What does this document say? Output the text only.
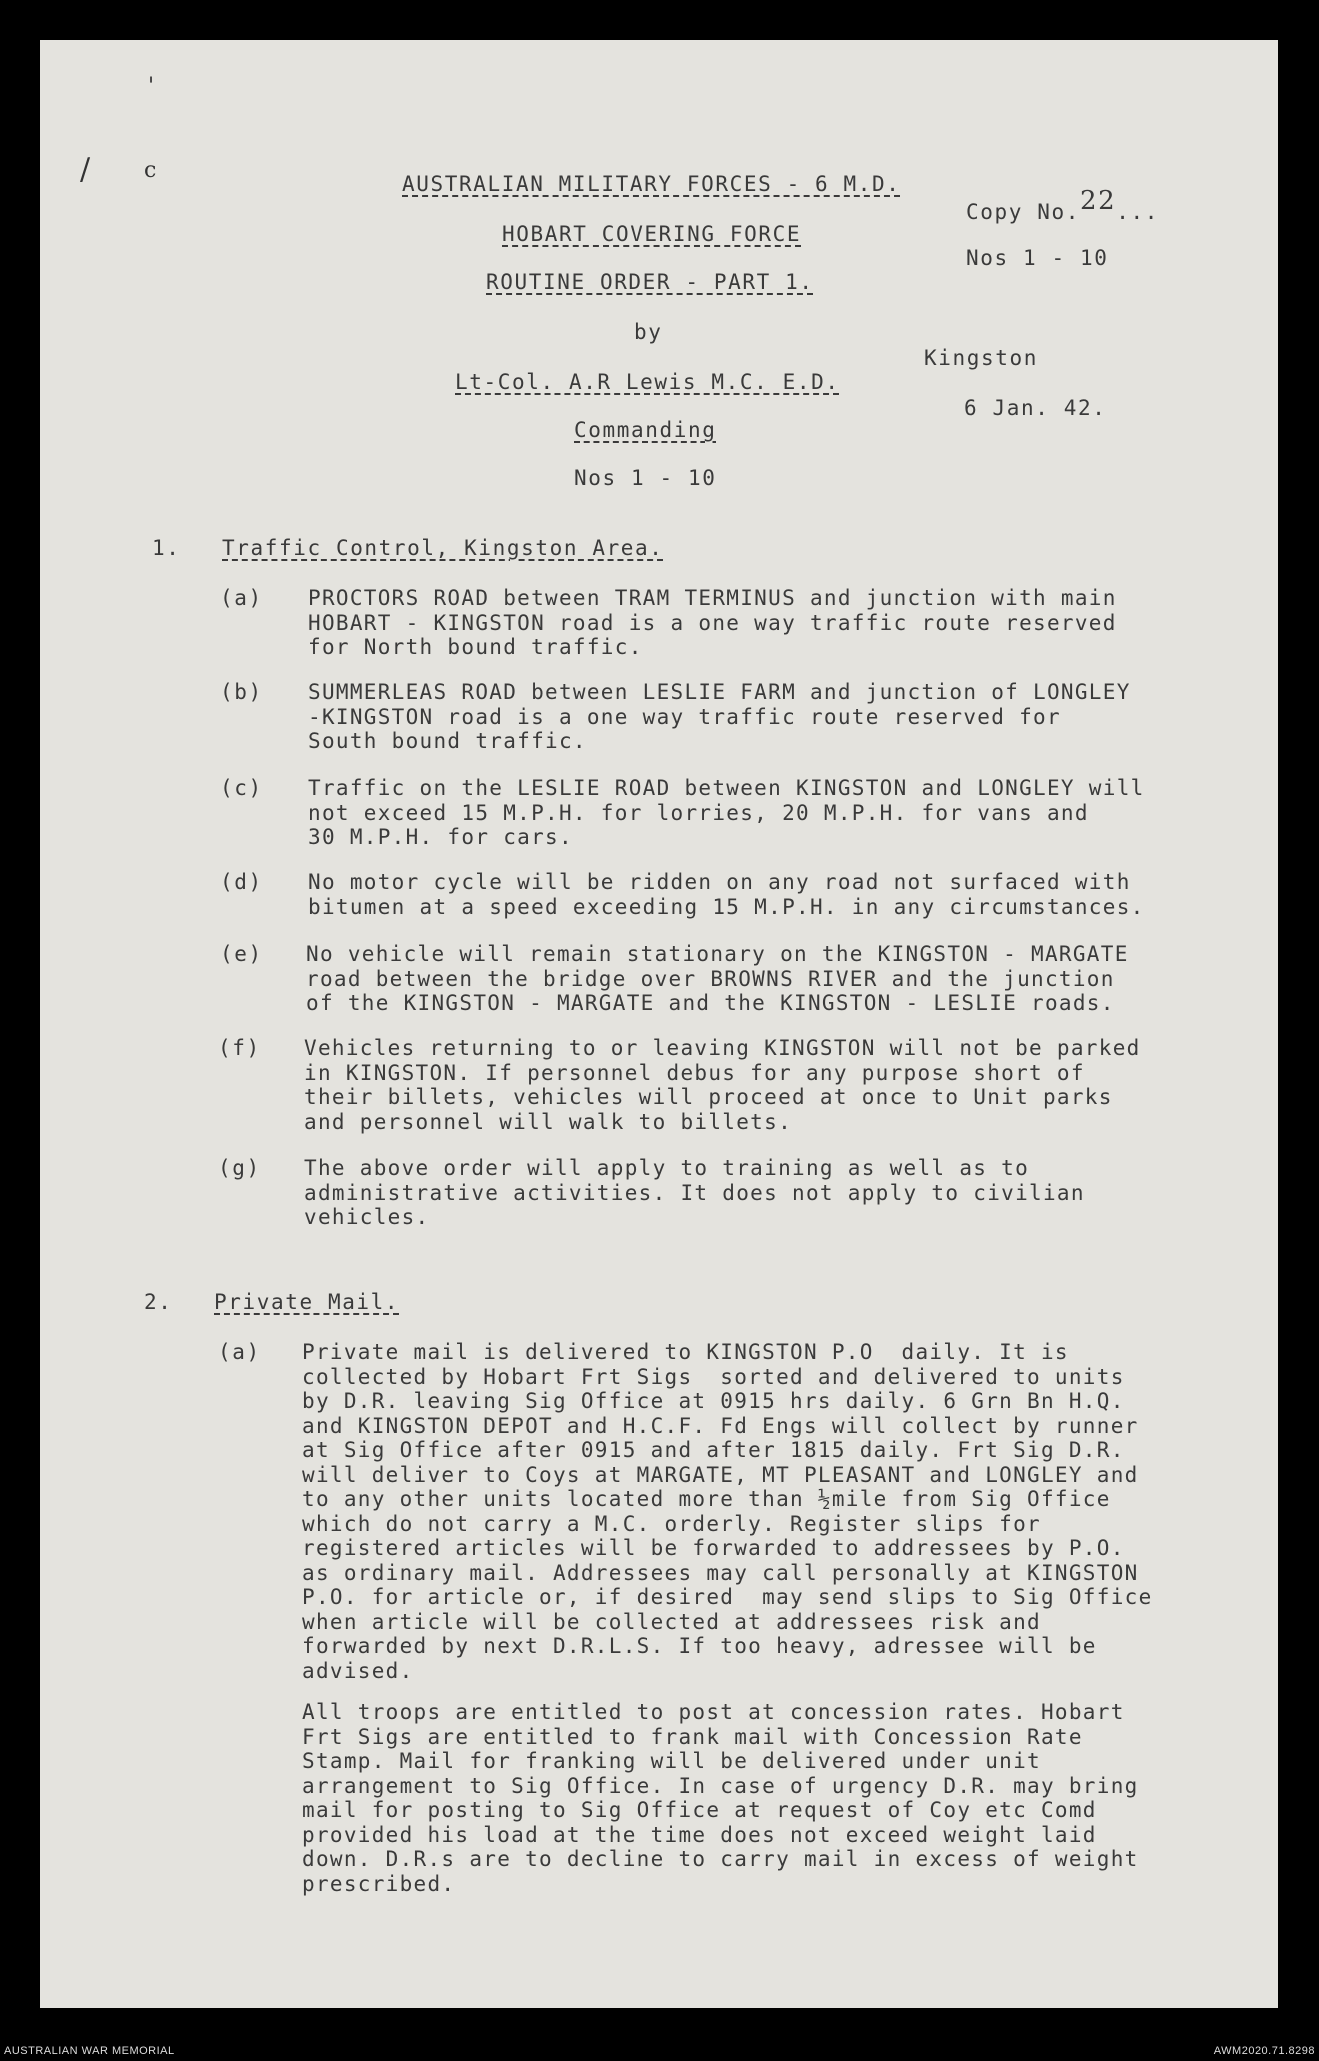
'
/ c
AUSTRALIAN MILITARY FORCES - 6 M.D.
HOBART COVERING FORCE
ROUTINE ORDER - PART 1.
by
Lt-Col. A.R Lewis M.C. E.D.
Commanding
Nos 1 - 10
Copy No.22...
Nos 1 - 10
Kingston
6 Jan. 42.
1. Traffic Control, Kingston Area.
(a) PROCTORS ROAD between TRAM TERMINUS and junction with main
HOBART - KINGSTON road is a one way traffic route reserved
for North bound traffic.
(b) SUMMERLEAS ROAD between LESLIE FARM and junction of LONGLEY
-KINGSTON road is a one way traffic route reserved for
South bound traffic.
(c) Traffic on the LESLIE ROAD between KINGSTON and LONGLEY will
not exceed 15 M.P.H. for lorries, 20 M.P.H. for vans and
30 M.P.H. for cars.
(d) No motor cycle will be ridden on any road not surfaced with
bitumen at a speed exceeding 15 M.P.H. in any circumstances.
(e) No vehicle will remain stationary on the KINGSTON - MARGATE
road between the bridge over BROWNS RIVER and the junction
of the KINGSTON - MARGATE and the KINGSTON - LESLIE roads.
(f) Vehicles returning to or leaving KINGSTON will not be parked
in KINGSTON. If personnel debus for any purpose short of
their billets, vehicles will proceed at once to Unit parks
and personnel will walk to billets.
(g) The above order will apply to training as well as to
administrative activities. It does not apply to civilian
vehicles.
2. Private Mail.
(a) Private mail is delivered to KINGSTON P.O  daily. It is
collected by Hobart Frt Sigs  sorted and delivered to units
by D.R. leaving Sig Office at 0915 hrs daily. 6 Grn Bn H.Q.
and KINGSTON DEPOT and H.C.F. Fd Engs will collect by runner
at Sig Office after 0915 and after 1815 daily. Frt Sig D.R.
will deliver to Coys at MARGATE, MT PLEASANT and LONGLEY and
to any other units located more than ½mile from Sig Office
which do not carry a M.C. orderly. Register slips for
registered articles will be forwarded to addressees by P.O.
as ordinary mail. Addressees may call personally at KINGSTON
P.O. for article or, if desired  may send slips to Sig Office
when article will be collected at addressees risk and
forwarded by next D.R.L.S. If too heavy, adressee will be
advised.
All troops are entitled to post at concession rates. Hobart
Frt Sigs are entitled to frank mail with Concession Rate
Stamp. Mail for franking will be delivered under unit
arrangement to Sig Office. In case of urgency D.R. may bring
mail for posting to Sig Office at request of Coy etc Comd
provided his load at the time does not exceed weight laid
down. D.R.s are to decline to carry mail in excess of weight
prescribed.
AUSTRALIAN WAR MEMORIAL	AWM2020.71.8298
